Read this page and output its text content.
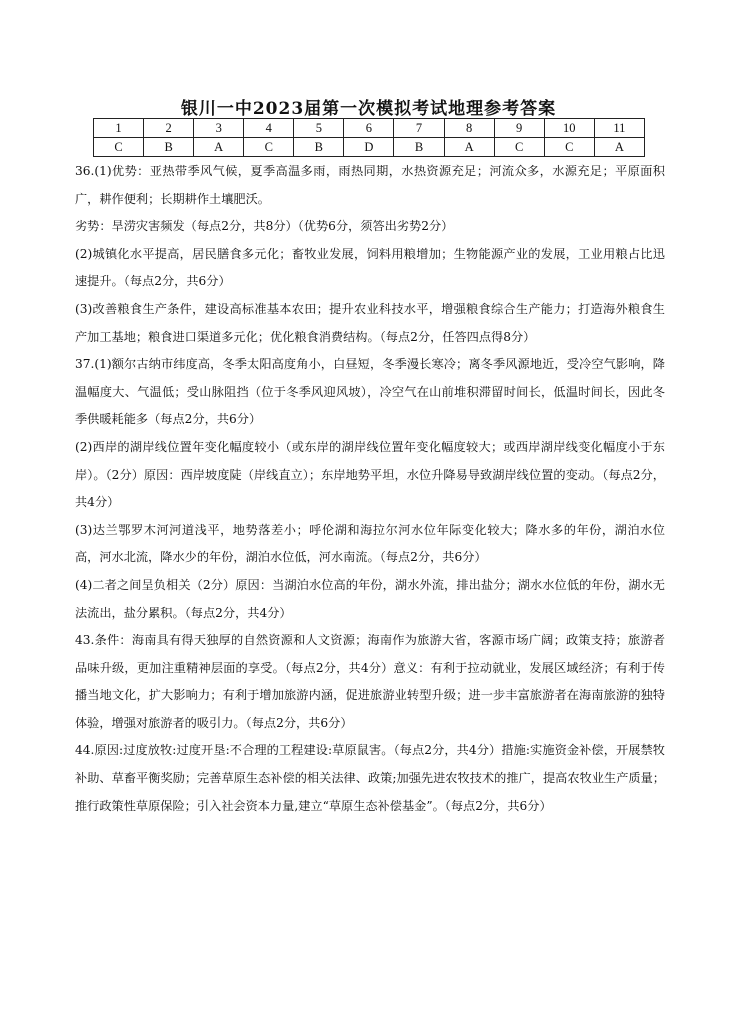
银川一中2023届第一次模拟考试地理参考答案
1	2	3	4	5	6	7	8	9	10	11
C	B	A	C	B	D	B	A	C	C	A

36.(1)优势：亚热带季风气候，夏季高温多雨，雨热同期，水热资源充足；河流众多，水源充足；平原面积广，耕作便利；长期耕作土壤肥沃。

劣势：旱涝灾害频发（每点2分，共8分）（优势6分，须答出劣势2分）

(2)城镇化水平提高，居民膳食多元化；畜牧业发展，饲料用粮增加；生物能源产业的发展，工业用粮占比迅速提升。（每点2分，共6分）

(3)改善粮食生产条件，建设高标准基本农田；提升农业科技水平，增强粮食综合生产能力；打造海外粮食生产加工基地；粮食进口渠道多元化；优化粮食消费结构。（每点2分，任答四点得8分）

37.(1)额尔古纳市纬度高，冬季太阳高度角小，白昼短，冬季漫长寒冷；离冬季风源地近，受冷空气影响，降温幅度大、气温低；受山脉阻挡（位于冬季风迎风坡），冷空气在山前堆积滞留时间长，低温时间长，因此冬季供暖耗能多（每点2分，共6分）

(2)西岸的湖岸线位置年变化幅度较小（或东岸的湖岸线位置年变化幅度较大；或西岸湖岸线变化幅度小于东岸）。（2分）原因：西岸坡度陡（岸线直立）；东岸地势平坦，水位升降易导致湖岸线位置的变动。（每点2分，共4分）

(3)达兰鄂罗木河河道浅平，地势落差小；呼伦湖和海拉尔河水位年际变化较大；降水多的年份，湖泊水位高，河水北流，降水少的年份，湖泊水位低，河水南流。（每点2分，共6分）

(4)二者之间呈负相关（2分）原因：当湖泊水位高的年份，湖水外流，排出盐分；湖水水位低的年份，湖水无法流出，盐分累积。（每点2分，共4分）

43.条件：海南具有得天独厚的自然资源和人文资源；海南作为旅游大省，客源市场广阔；政策支持；旅游者品味升级，更加注重精神层面的享受。（每点2分，共4分）意义：有利于拉动就业，发展区域经济；有利于传播当地文化，扩大影响力；有利于增加旅游内涵，促进旅游业转型升级；进一步丰富旅游者在海南旅游的独特体验，增强对旅游者的吸引力。（每点2分，共6分）

44.原因:过度放牧:过度开垦:不合理的工程建设:草原鼠害。（每点2分，共4分）措施:实施资金补偿，开展禁牧补助、草畜平衡奖励；完善草原生态补偿的相关法律、政策;加强先进农牧技术的推广，提高农牧业生产质量；推行政策性草原保险；引入社会资本力量,建立“草原生态补偿基金”。（每点2分，共6分）
